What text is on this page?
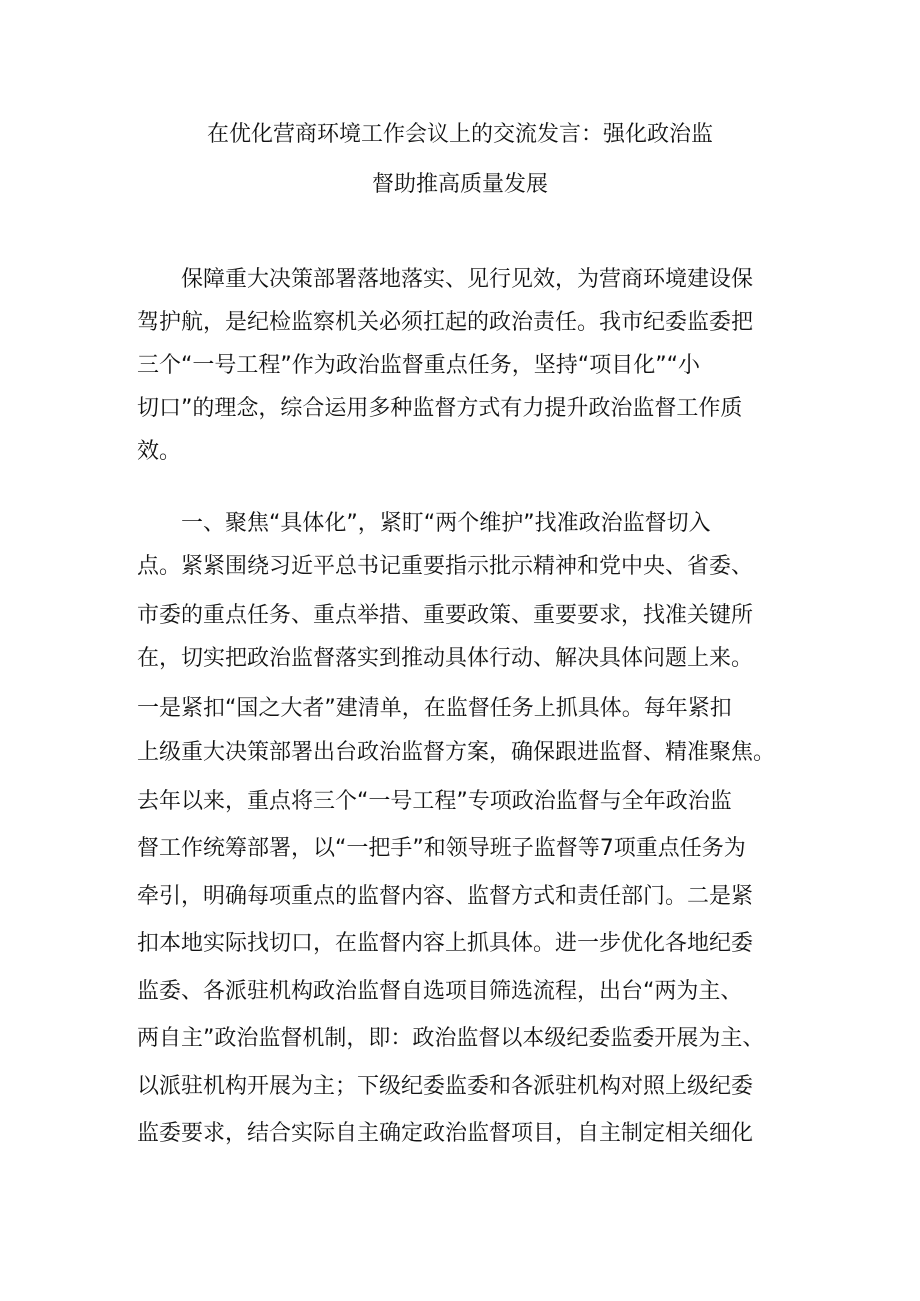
在优化营商环境工作会议上的交流发言：强化政治监
督助推高质量发展
保障重大决策部署落地落实、见行见效，为营商环境建设保
驾护航，是纪检监察机关必须扛起的政治责任。我市纪委监委把
三个“一号工程”作为政治监督重点任务，坚持“项目化”“小
切口”的理念，综合运用多种监督方式有力提升政治监督工作质
效。
一、聚焦“具体化”，紧盯“两个维护”找准政治监督切入
点。紧紧围绕习近平总书记重要指示批示精神和党中央、省委、
市委的重点任务、重点举措、重要政策、重要要求，找准关键所
在，切实把政治监督落实到推动具体行动、解决具体问题上来。
一是紧扣“国之大者”建清单，在监督任务上抓具体。每年紧扣
上级重大决策部署出台政治监督方案，确保跟进监督、精准聚焦。
去年以来，重点将三个“一号工程”专项政治监督与全年政治监
督工作统筹部署，以“一把手”和领导班子监督等7项重点任务为
牵引，明确每项重点的监督内容、监督方式和责任部门。二是紧
扣本地实际找切口，在监督内容上抓具体。进一步优化各地纪委
监委、各派驻机构政治监督自选项目筛选流程，出台“两为主、
两自主”政治监督机制，即：政治监督以本级纪委监委开展为主、
以派驻机构开展为主；下级纪委监委和各派驻机构对照上级纪委
监委要求，结合实际自主确定政治监督项目，自主制定相关细化
